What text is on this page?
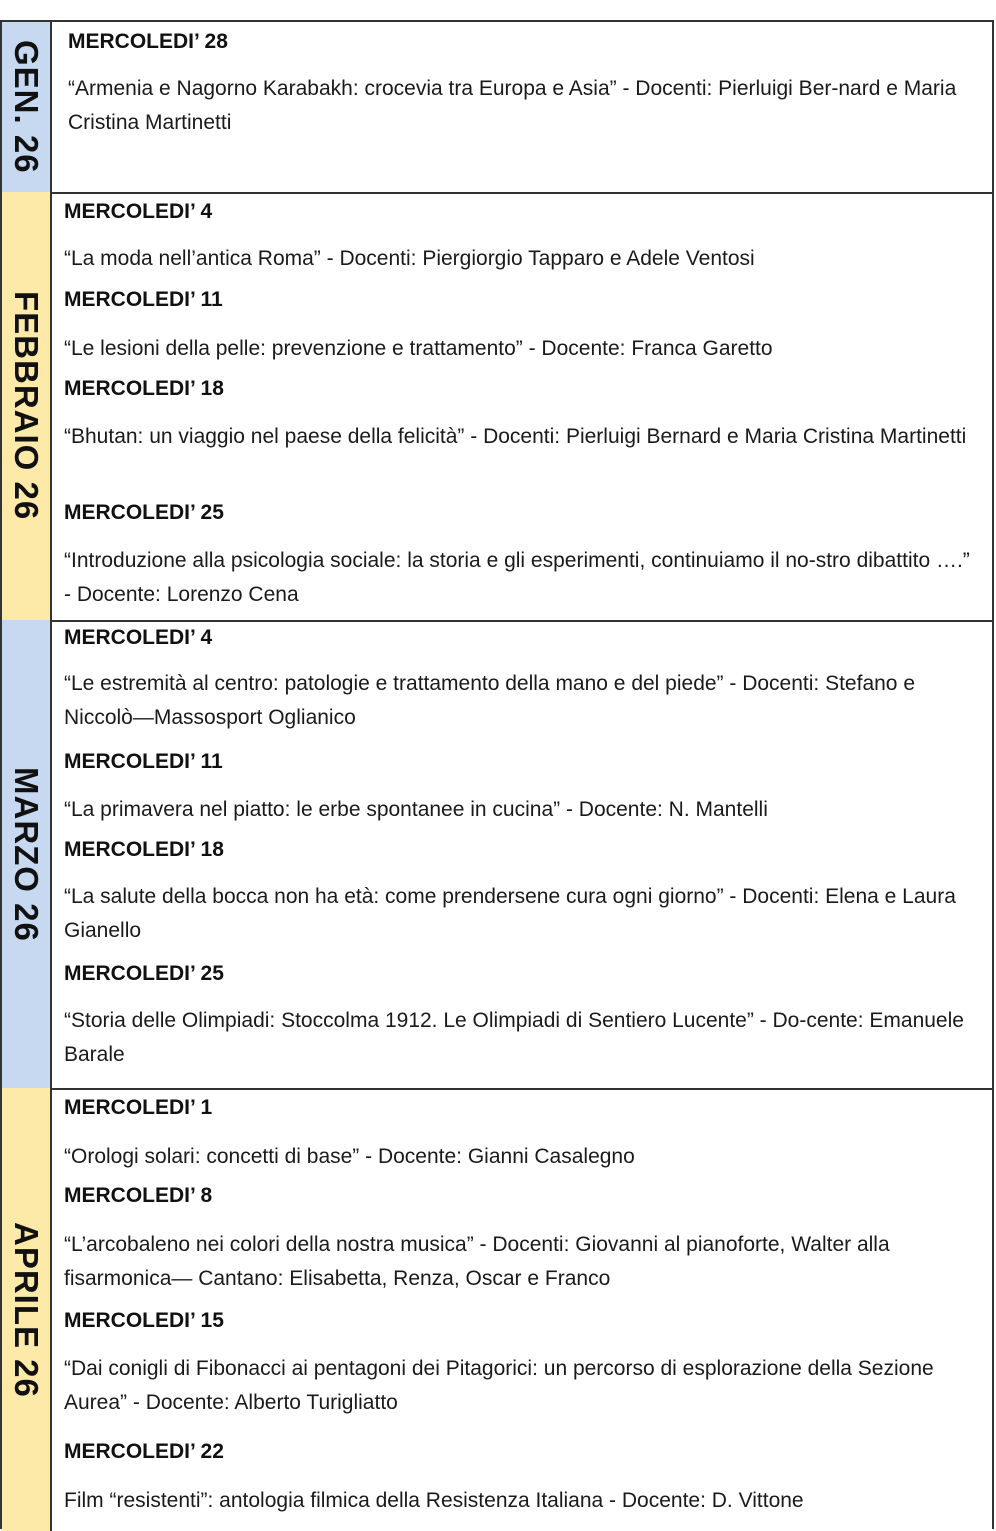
GEN. 26 MERCOLEDI’ 28
“Armenia e Nagorno Karabakh: crocevia tra Europa e Asia” - Docenti: Pierluigi Ber-nard e Maria Cristina Martinetti
FEBBRAIO 26
MERCOLEDI’ 4
“La moda nell’antica Roma” - Docenti: Piergiorgio Tapparo e Adele Ventosi
MERCOLEDI’ 11
“Le lesioni della pelle: prevenzione e trattamento” - Docente: Franca Garetto
MERCOLEDI’ 18
“Bhutan: un viaggio nel paese della felicità” - Docenti: Pierluigi Bernard e Maria Cristina Martinetti
MERCOLEDI’ 25
“Introduzione alla psicologia sociale: la storia e gli esperimenti, continuiamo il no-stro dibattito ….” - Docente: Lorenzo Cena
MARZO 26
MERCOLEDI’ 4
“Le estremità al centro: patologie e trattamento della mano e del piede” - Docenti: Stefano e Niccolò—Massosport Oglianico
MERCOLEDI’ 11
“La primavera nel piatto: le erbe spontanee in cucina” - Docente: N. Mantelli
MERCOLEDI’ 18
“La salute della bocca non ha età: come prendersene cura ogni giorno” - Docenti: Elena e Laura Gianello
MERCOLEDI’ 25
“Storia delle Olimpiadi: Stoccolma 1912. Le Olimpiadi di Sentiero Lucente” - Do-cente: Emanuele Barale
APRILE 26
MERCOLEDI’ 1
“Orologi solari: concetti di base” - Docente: Gianni Casalegno
MERCOLEDI’ 8
“L’arcobaleno nei colori della nostra musica” - Docenti: Giovanni al pianoforte, Walter alla fisarmonica— Cantano: Elisabetta, Renza, Oscar e Franco
MERCOLEDI’ 15
“Dai conigli di Fibonacci ai pentagoni dei Pitagorici: un percorso di esplorazione della Sezione Aurea” - Docente: Alberto Turigliatto
MERCOLEDI’ 22
Film “resistenti”: antologia filmica della Resistenza Italiana - Docente: D. Vittone
